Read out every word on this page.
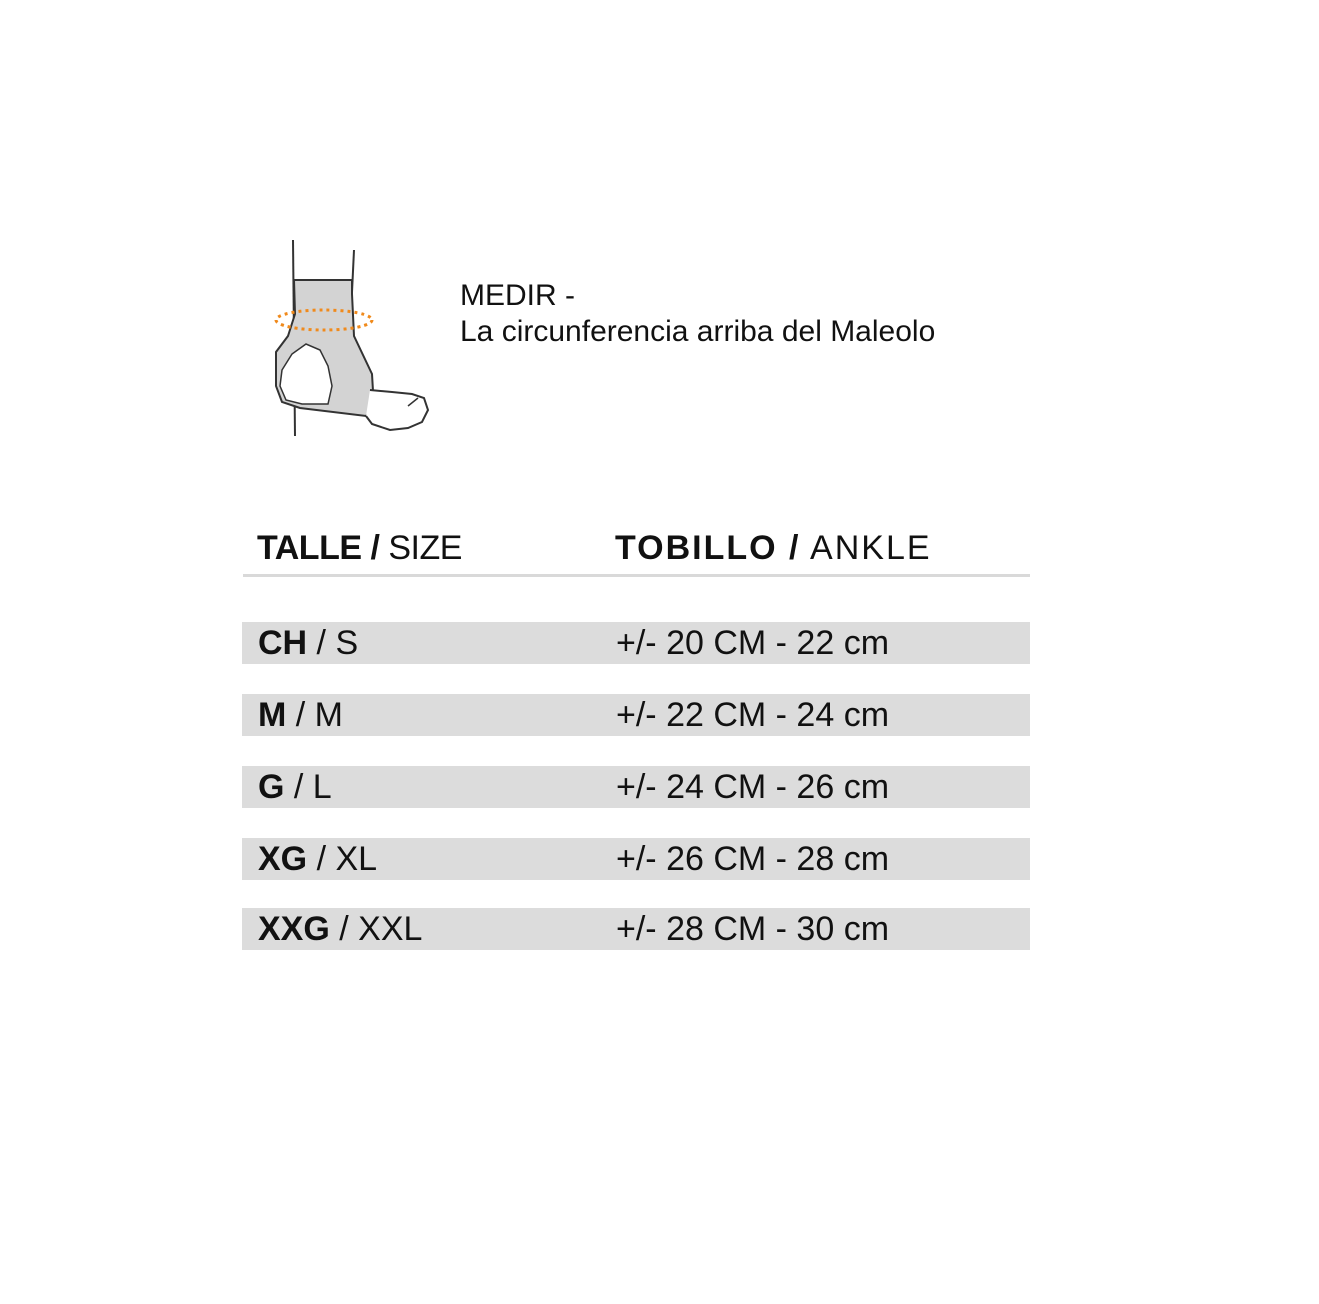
MEDIR -
La circunferencia arriba del Maleolo
TALLE / SIZE	TOBILLO / ANKLE
CH / S	+/- 20 CM - 22 cm
M / M	+/- 22 CM - 24 cm
G / L	+/- 24 CM - 26 cm
XG / XL	+/- 26 CM - 28 cm
XXG / XXL	+/- 28 CM - 30 cm
